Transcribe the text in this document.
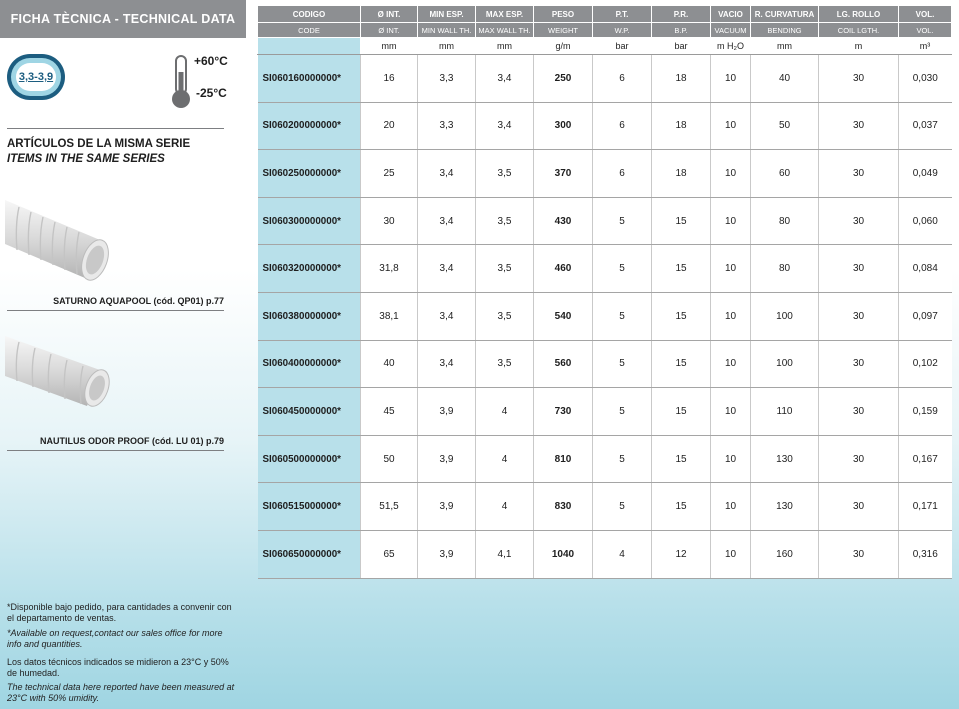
FICHA TÈCNICA - TECHNICAL DATA
3,3-3,9
+60°C
-25°C
ARTÍCULOS DE LA MISMA SERIE
ITEMS IN THE SAME SERIES
SATURNO AQUAPOOL (cód. QP01) p.77
NAUTILUS ODOR PROOF (cód. LU 01) p.79
*Disponible bajo pedido, para cantidades a convenir con el departamento de ventas.
*Available on request,contact our sales office for more info and quantities.
Los datos técnicos indicados se midieron a 23°C y 50% de humedad.
The technical data here reported have been measured at 23°C with 50% umidity.
CODIGO	Ø INT.	MIN ESP.	MAX ESP.	PESO	P.T.	P.R.	VACIO	R. CURVATURA	LG. ROLLO	VOL.
CODE	Ø INT.	MIN WALL TH.	MAX WALL TH.	WEIGHT	W.P.	B.P.	VACUUM	BENDING	COIL LGTH.	VOL.
	mm	mm	mm	g/m	bar	bar	m H₂O	mm	m	m³
SI060160000000*	16	3,3	3,4	250	6	18	10	40	30	0,030
SI060200000000*	20	3,3	3,4	300	6	18	10	50	30	0,037
SI060250000000*	25	3,4	3,5	370	6	18	10	60	30	0,049
SI060300000000*	30	3,4	3,5	430	5	15	10	80	30	0,060
SI060320000000*	31,8	3,4	3,5	460	5	15	10	80	30	0,084
SI060380000000*	38,1	3,4	3,5	540	5	15	10	100	30	0,097
SI060400000000*	40	3,4	3,5	560	5	15	10	100	30	0,102
SI060450000000*	45	3,9	4	730	5	15	10	110	30	0,159
SI060500000000*	50	3,9	4	810	5	15	10	130	30	0,167
SI060515000000*	51,5	3,9	4	830	5	15	10	130	30	0,171
SI060650000000*	65	3,9	4,1	1040	4	12	10	160	30	0,316
